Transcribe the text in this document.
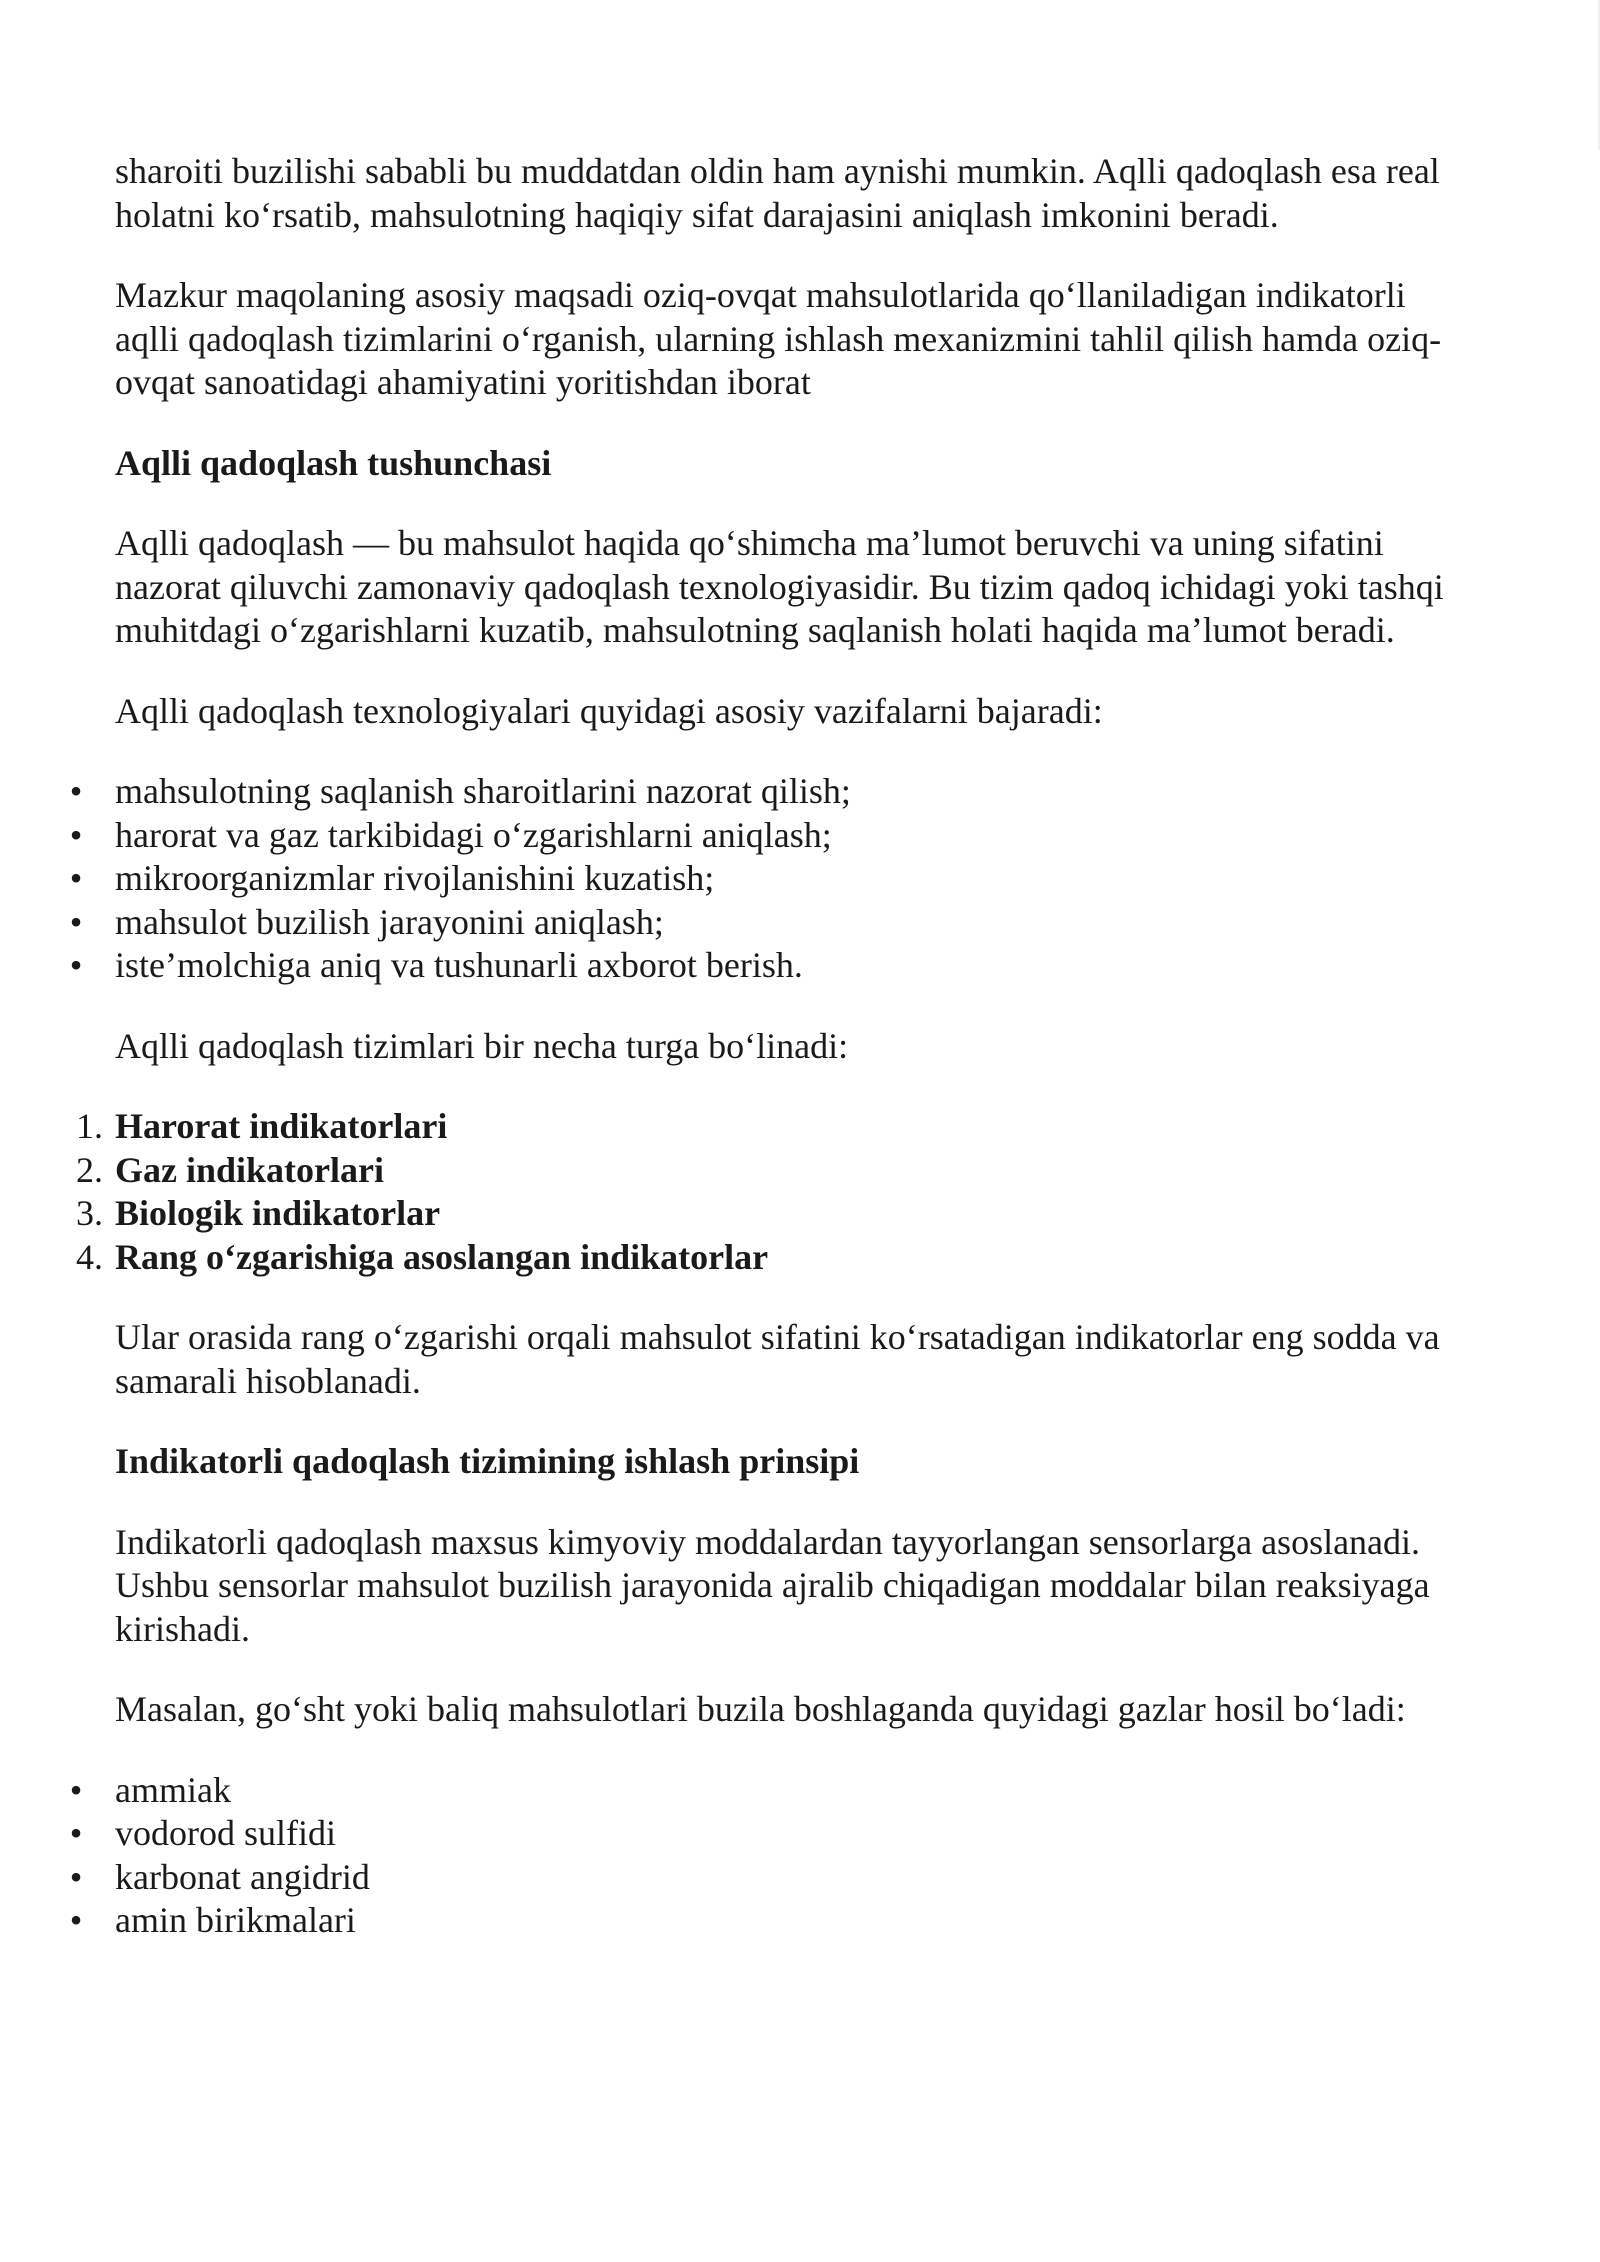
sharoiti buzilishi sababli bu muddatdan oldin ham aynishi mumkin. Aqlli qadoqlash esa real holatni ko‘rsatib, mahsulotning haqiqiy sifat darajasini aniqlash imkonini beradi.

Mazkur maqolaning asosiy maqsadi oziq-ovqat mahsulotlarida qo‘llaniladigan indikatorli aqlli qadoqlash tizimlarini o‘rganish, ularning ishlash mexanizmini tahlil qilish hamda oziq-ovqat sanoatidagi ahamiyatini yoritishdan iborat

Aqlli qadoqlash tushunchasi

Aqlli qadoqlash — bu mahsulot haqida qo‘shimcha ma’lumot beruvchi va uning sifatini nazorat qiluvchi zamonaviy qadoqlash texnologiyasidir. Bu tizim qadoq ichidagi yoki tashqi muhitdagi o‘zgarishlarni kuzatib, mahsulotning saqlanish holati haqida ma’lumot beradi.

Aqlli qadoqlash texnologiyalari quyidagi asosiy vazifalarni bajaradi:

• mahsulotning saqlanish sharoitlarini nazorat qilish;
• harorat va gaz tarkibidagi o‘zgarishlarni aniqlash;
• mikroorganizmlar rivojlanishini kuzatish;
• mahsulot buzilish jarayonini aniqlash;
• iste’molchiga aniq va tushunarli axborot berish.

Aqlli qadoqlash tizimlari bir necha turga bo‘linadi:

1. Harorat indikatorlari
2. Gaz indikatorlari
3. Biologik indikatorlar
4. Rang o‘zgarishiga asoslangan indikatorlar

Ular orasida rang o‘zgarishi orqali mahsulot sifatini ko‘rsatadigan indikatorlar eng sodda va samarali hisoblanadi.

Indikatorli qadoqlash tizimining ishlash prinsipi

Indikatorli qadoqlash maxsus kimyoviy moddalardan tayyorlangan sensorlarga asoslanadi. Ushbu sensorlar mahsulot buzilish jarayonida ajralib chiqadigan moddalar bilan reaksiyaga kirishadi.

Masalan, go‘sht yoki baliq mahsulotlari buzila boshlaganda quyidagi gazlar hosil bo‘ladi:

• ammiak
• vodorod sulfidi
• karbonat angidrid
• amin birikmalari
